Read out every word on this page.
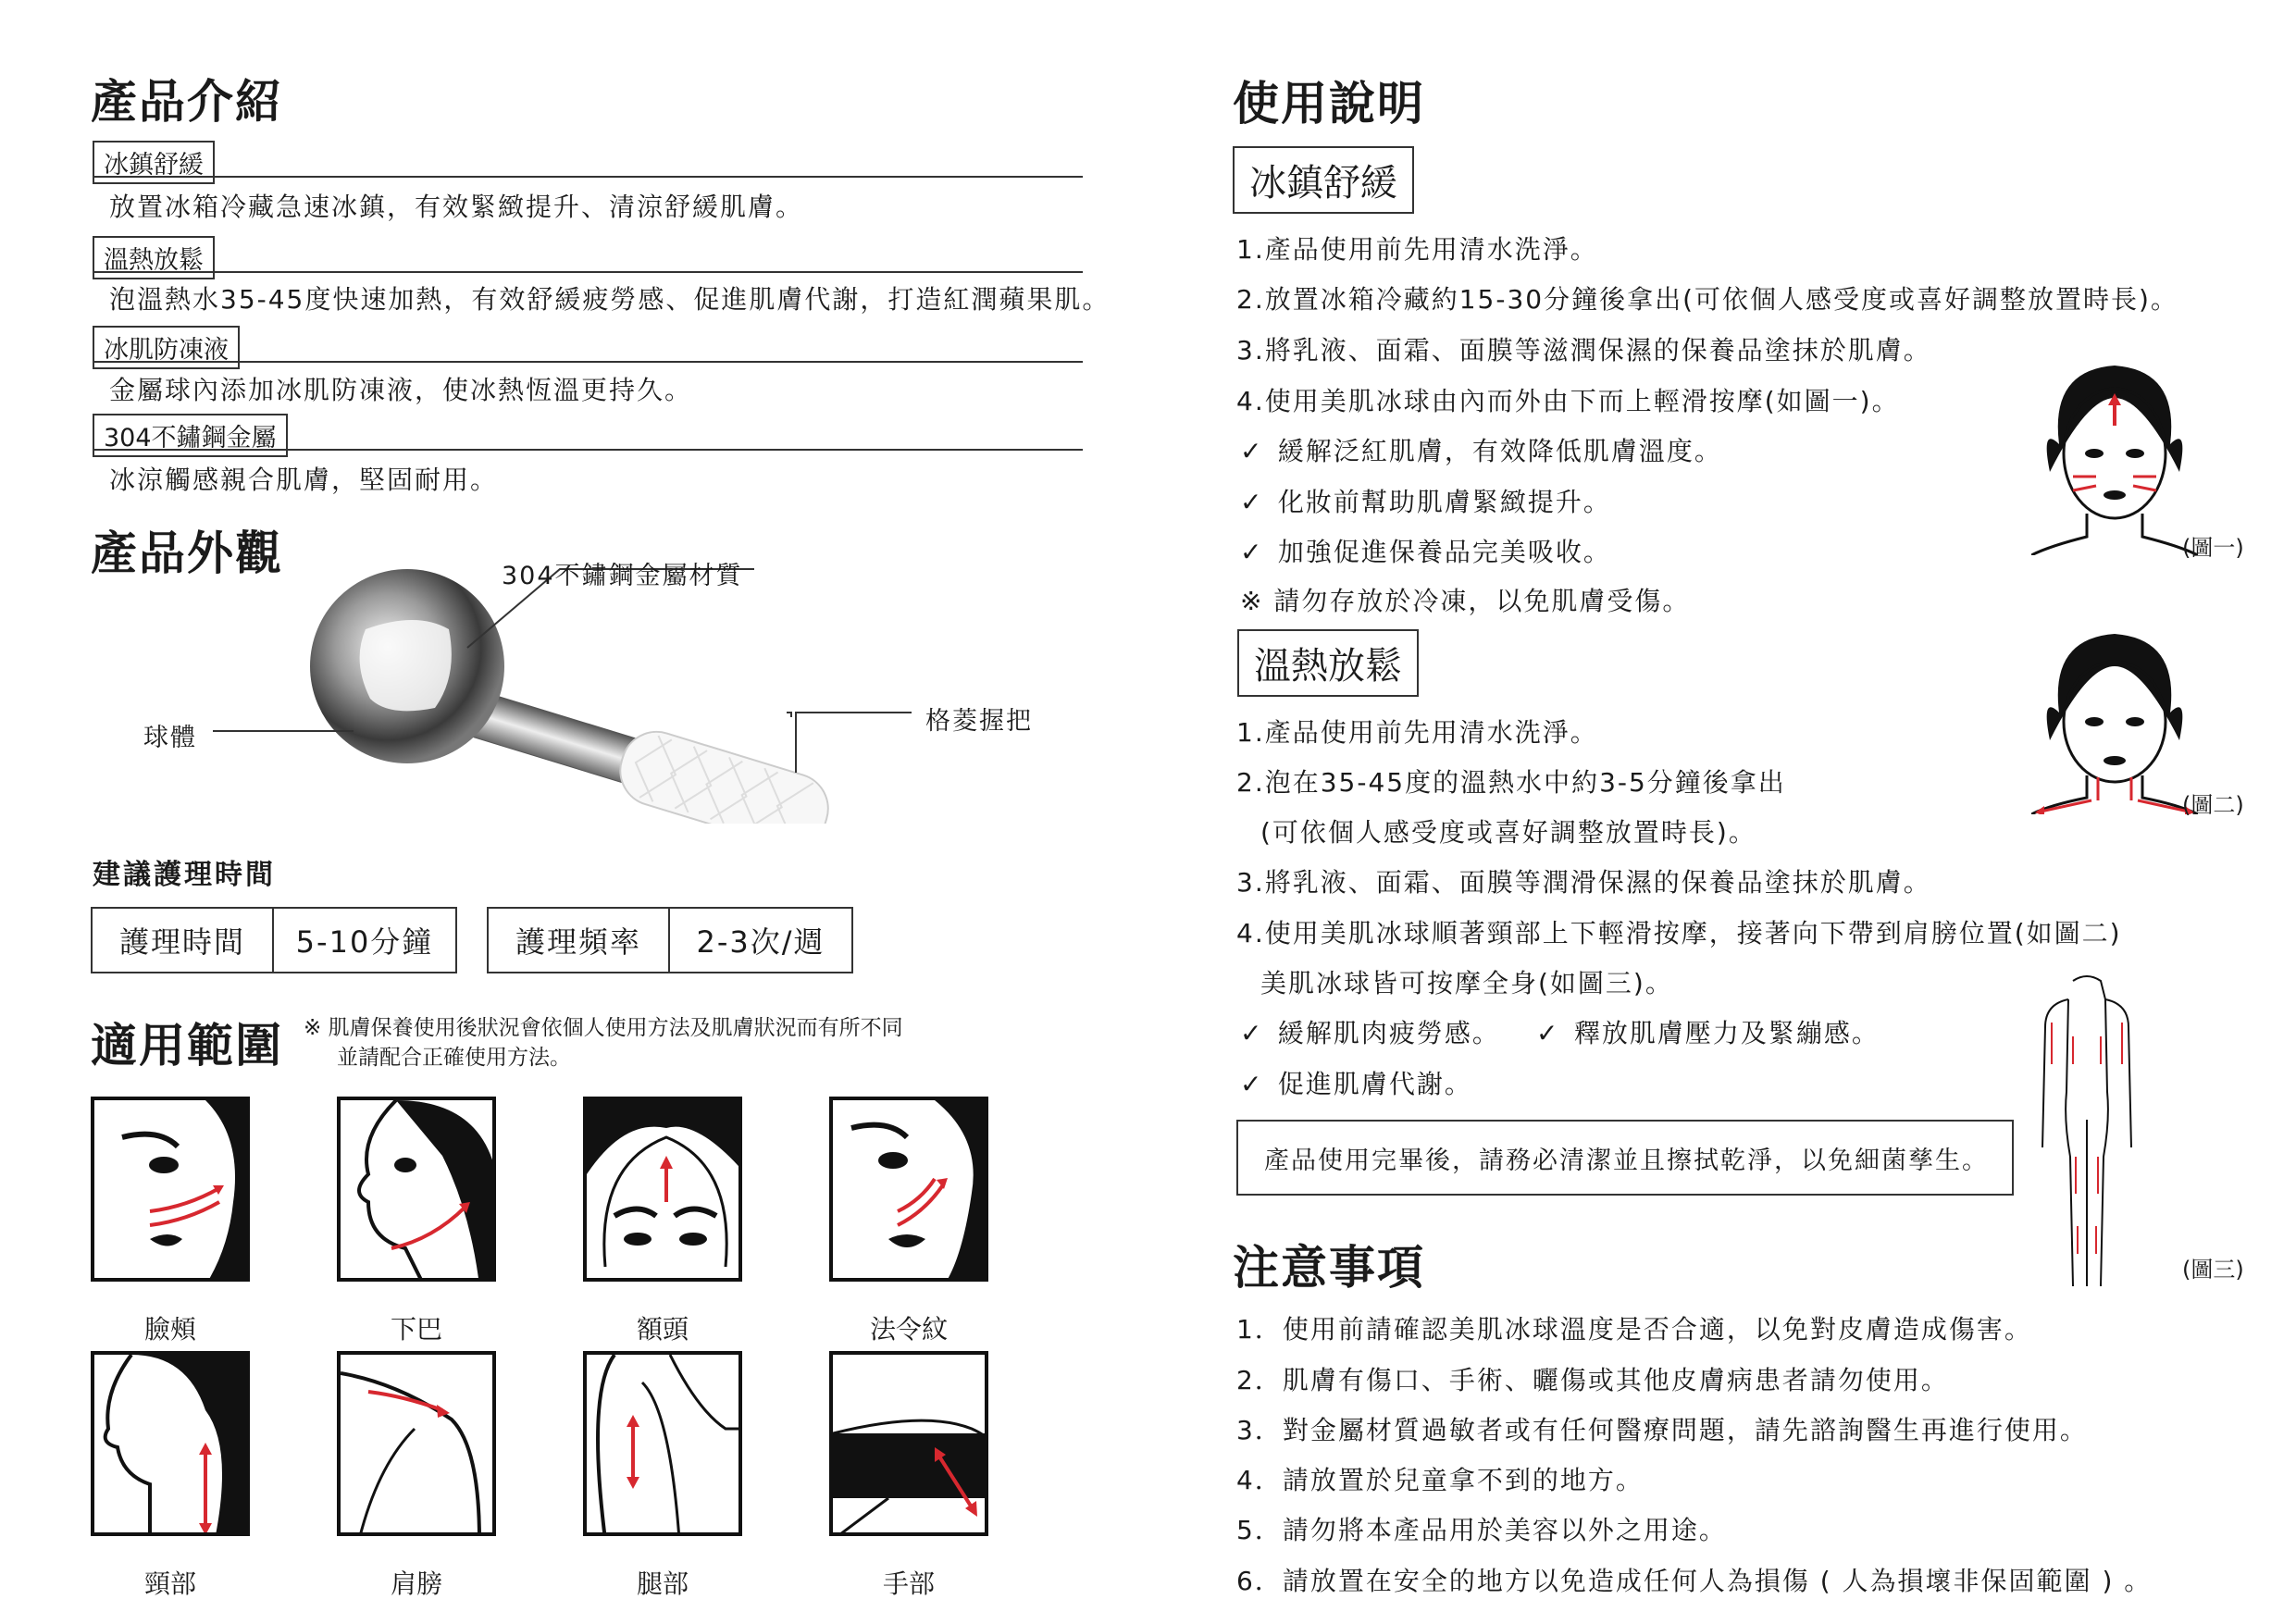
產品介紹
冰鎮舒緩
放置冰箱冷藏急速冰鎮，有效緊緻提升、清涼舒緩肌膚。
溫熱放鬆
泡溫熱水35-45度快速加熱，有效舒緩疲勞感、促進肌膚代謝，打造紅潤蘋果肌。
冰肌防凍液
金屬球內添加冰肌防凍液，使冰熱恆溫更持久。
304不鏽鋼金屬
冰涼觸感親合肌膚，堅固耐用。
產品外觀	304不鏽鋼金屬材質
球體
格菱握把
建議護理時間
護理時間	5-10分鐘	護理頻率	2-3次/週
適用範圍 ※ 肌膚保養使用後狀況會依個人使用方法及肌膚狀況而有所不同
並請配合正確使用方法。
臉頰	下巴	額頭	法令紋
頸部	肩膀	腿部	手部
使用說明
冰鎮舒緩
1.產品使用前先用清水洗淨。
2.放置冰箱冷藏約15-30分鐘後拿出(可依個人感受度或喜好調整放置時長)。
3.將乳液、面霜、面膜等滋潤保濕的保養品塗抹於肌膚。
4.使用美肌冰球由內而外由下而上輕滑按摩(如圖一)。
✓ 緩解泛紅肌膚，有效降低肌膚溫度。
✓ 化妝前幫助肌膚緊緻提升。
✓ 加強促進保養品完美吸收。
※ 請勿存放於冷凍，以免肌膚受傷。
(圖一)
溫熱放鬆
1.產品使用前先用清水洗淨。
2.泡在35-45度的溫熱水中約3-5分鐘後拿出
(可依個人感受度或喜好調整放置時長)。
3.將乳液、面霜、面膜等潤滑保濕的保養品塗抹於肌膚。
4.使用美肌冰球順著頸部上下輕滑按摩，接著向下帶到肩膀位置(如圖二)
美肌冰球皆可按摩全身(如圖三)。
✓ 緩解肌肉疲勞感。 ✓ 釋放肌膚壓力及緊繃感。
✓ 促進肌膚代謝。
(圖二)
(圖三)
產品使用完畢後，請務必清潔並且擦拭乾淨，以免細菌孳生。
注意事項
1．使用前請確認美肌冰球溫度是否合適，以免對皮膚造成傷害。
2．肌膚有傷口、手術、曬傷或其他皮膚病患者請勿使用。
3．對金屬材質過敏者或有任何醫療問題，請先諮詢醫生再進行使用。
4．請放置於兒童拿不到的地方。
5．請勿將本產品用於美容以外之用途。
6．請放置在安全的地方以免造成任何人為損傷 ( 人為損壞非保固範圍 ) 。
